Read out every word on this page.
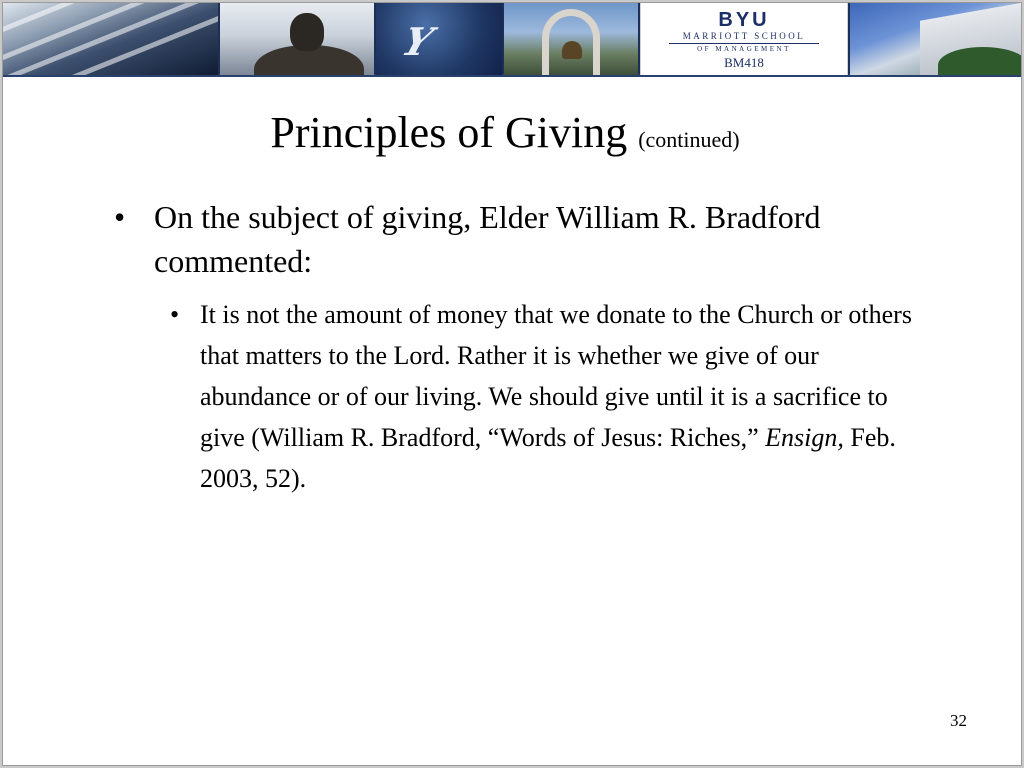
Y	BYU
MARRIOTT SCHOOL
OF MANAGEMENT
BM418
Principles of Giving (continued)
• On the subject of giving, Elder William R. Bradford commented:
• It is not the amount of money that we donate to the Church or others that matters to the Lord. Rather it is whether we give of our abundance or of our living. We should give until it is a sacrifice to give (William R. Bradford, “Words of Jesus: Riches,” Ensign, Feb. 2003, 52).
32
